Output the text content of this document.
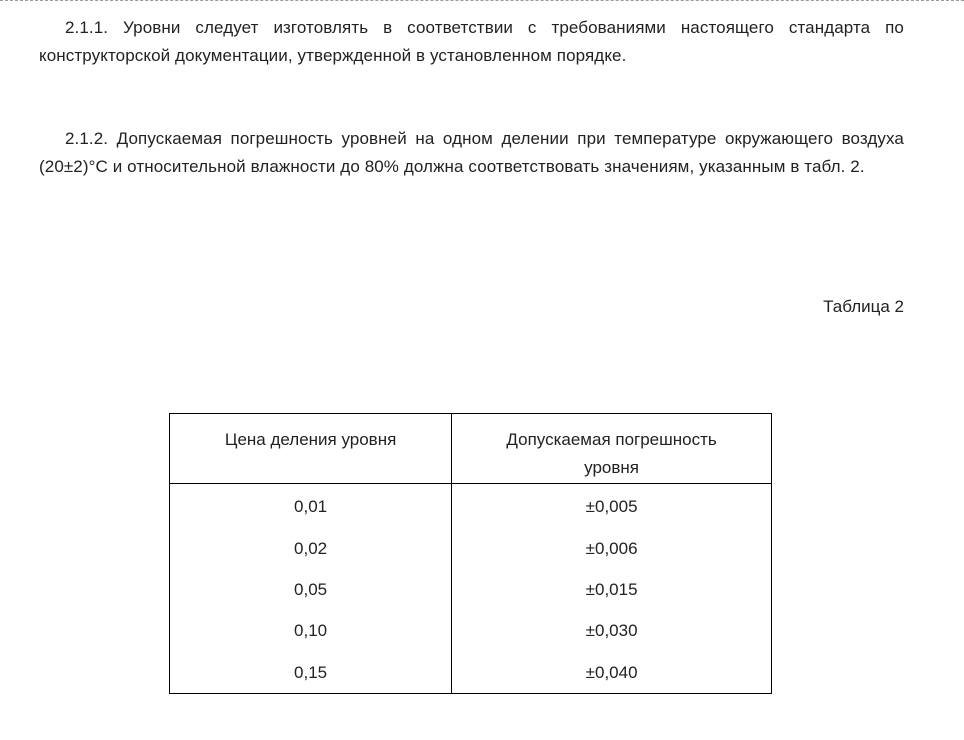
2.1.1. Уровни следует изготовлять в соответствии с требованиями настоящего стандарта по конструкторской документации, утвержденной в установленном порядке.

2.1.2. Допускаемая погрешность уровней на одном делении при температуре окружающего воздуха (20±2)°С и относительной влажности до 80% должна соответствовать значениям, указанным в табл. 2.

Таблица 2

Цена деления уровня	Допускаемая погрешность уровня
0,01	±0,005
0,02	±0,006
0,05	±0,015
0,10	±0,030
0,15	±0,040
